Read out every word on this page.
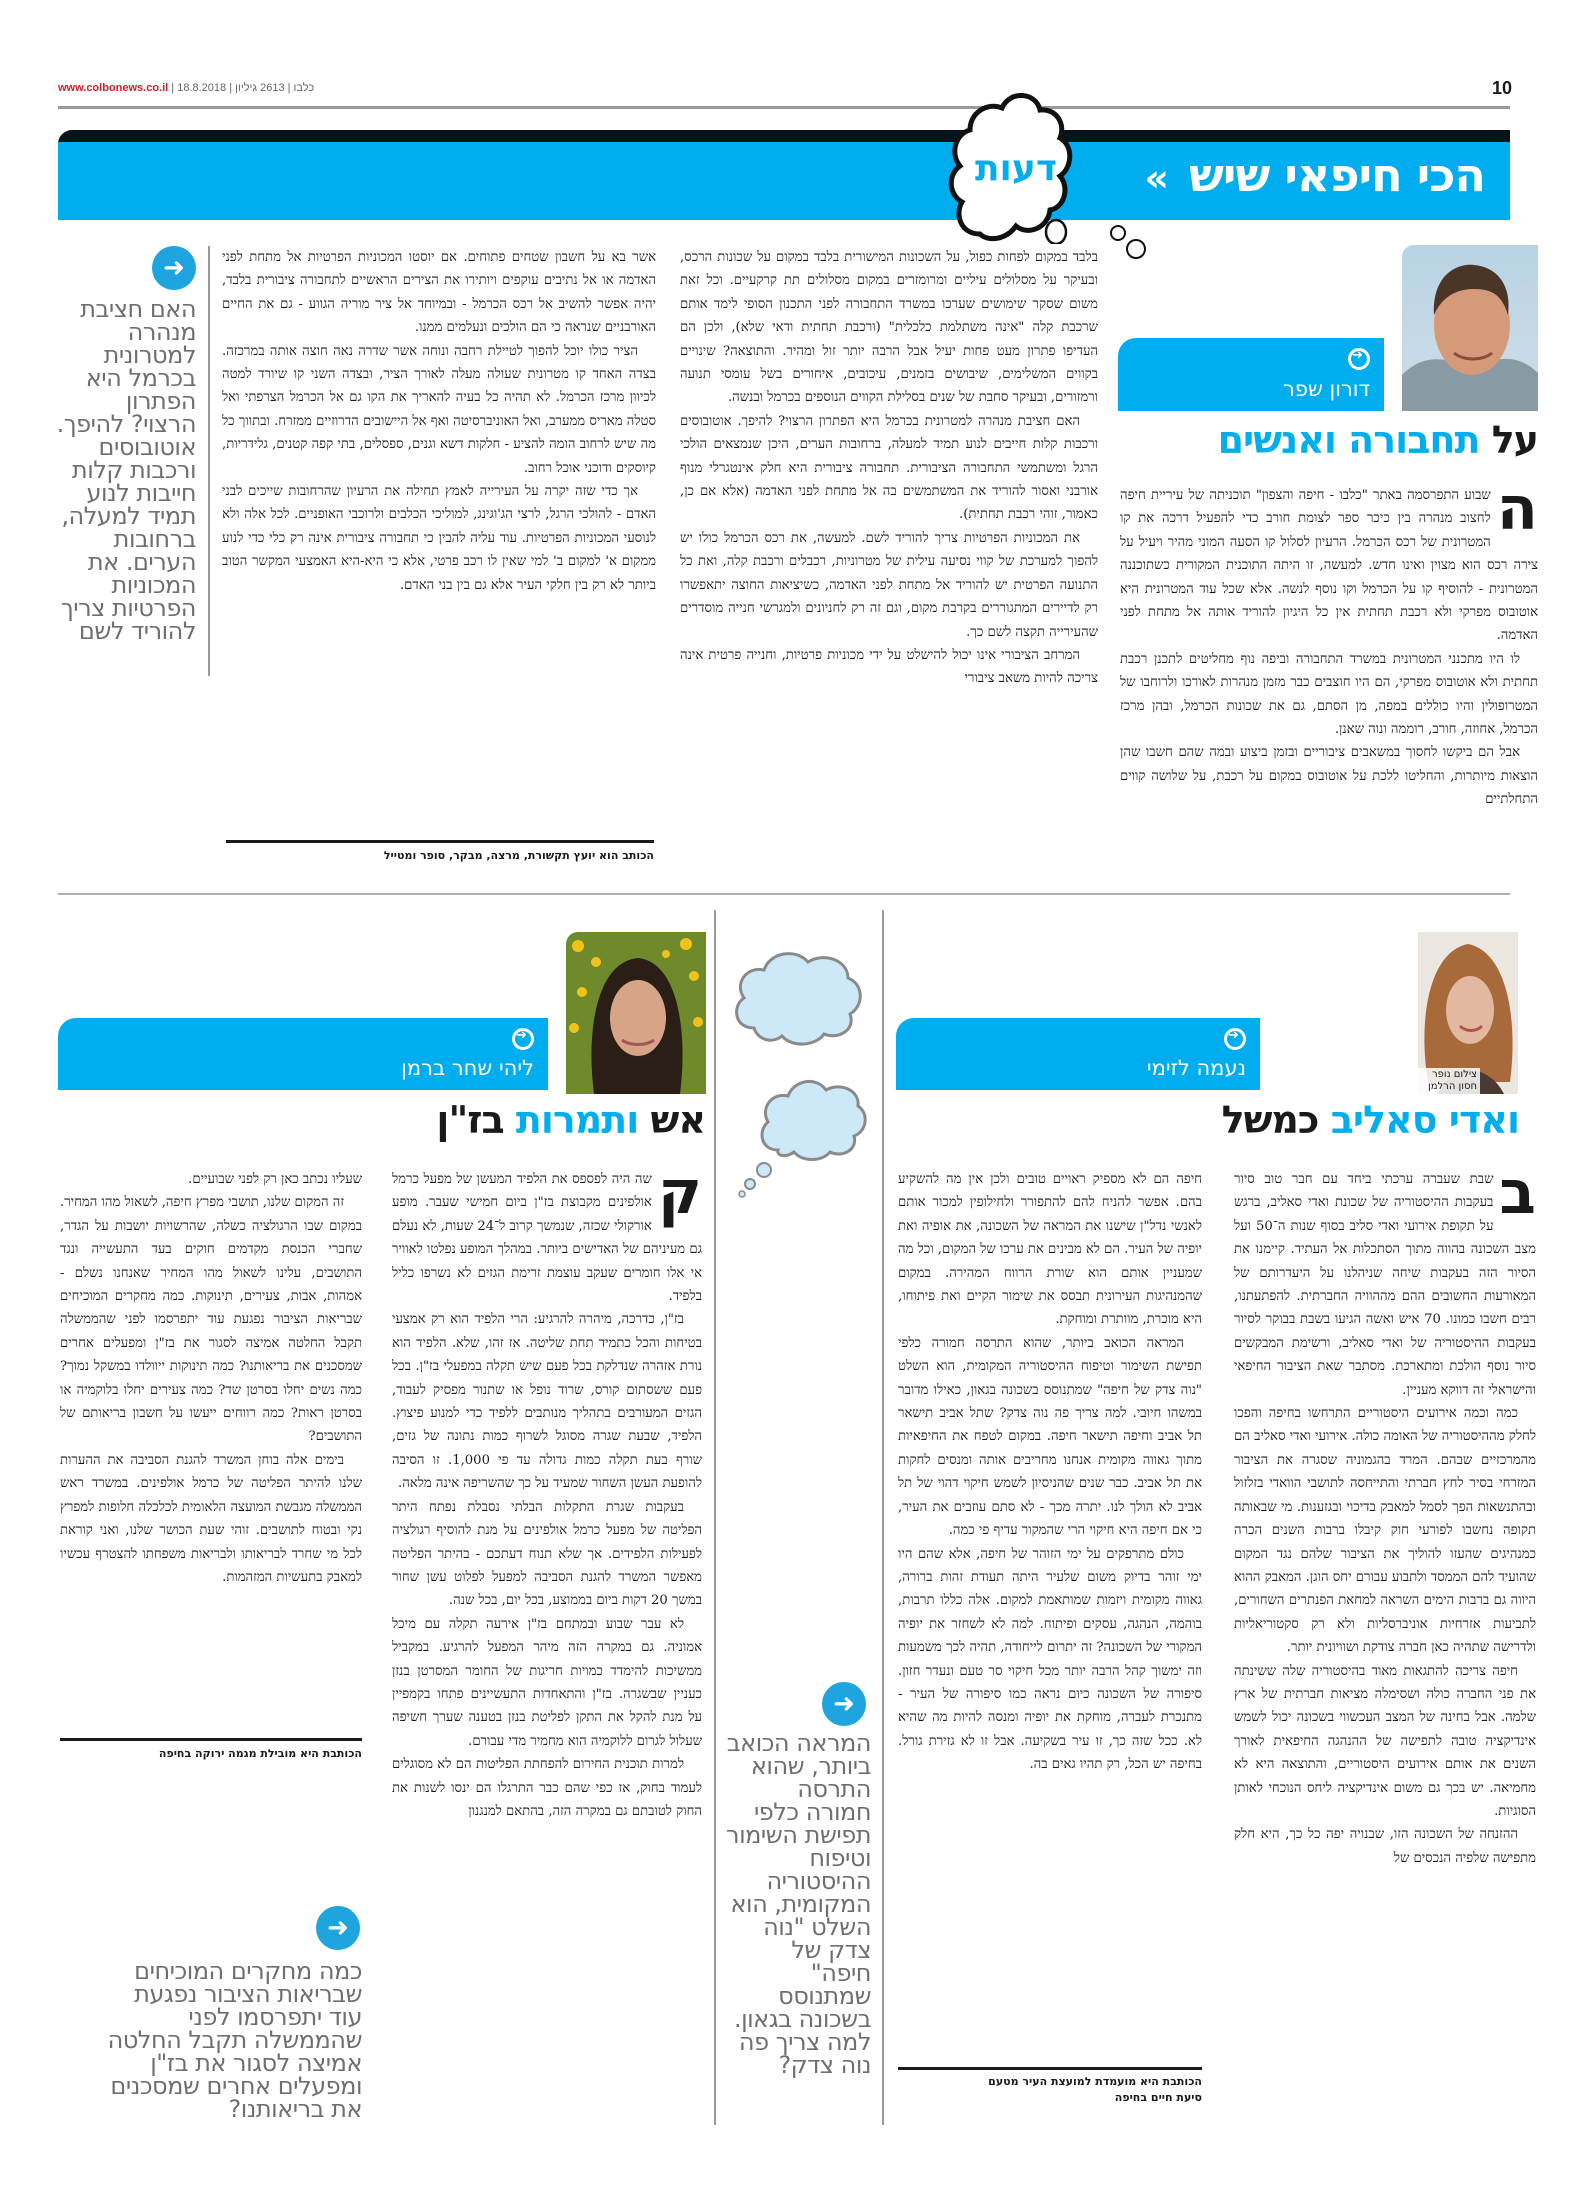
www.colbonews.co.il | כלבו | 2613 גיליון | 18.8.2018	10
הכי חיפאי שיש »
דעות
➜
דורון שפר
על תחבורה ואנשים
ה

שבוע התפרסמה באתר "כלבו - חיפה והצפון" תוכניתה של עיריית חיפה לחצוב מנהרה בין כיכר ספר לצומת חורב כדי להפעיל דרכה את קו המטרונית של רכס הכרמל. הרעיון לסלול קו הסעה המוני מהיר ויעיל על צירה רכס הוא מצוין ואינו חדש. למעשה, זו היתה התוכנית המקורית כשתוכננה המטרונית - להוסיף קו על הכרמל וקו נוסף לנשה. אלא שכל עוד המטרונית היא אוטובוס מפרקי ולא רכבת תחתית אין כל היגיון להוריד אותה אל מתחת לפני האדמה.

לו היו מתכנני המטרונית במשרד התחבורה וביפה נוף מחליטים לתכנן רכבת תחתית ולא אוטובוס מפרקי, הם היו חוצבים כבר מזמן מנהרות לאורכו ולרוחבו של המטרופולין והיו כוללים במפה, מן הסתם, גם את שכונות הכרמל, ובהן מרכז הכרמל, אחוזה, חורב, רוממה ונוה שאנן.

אבל הם ביקשו לחסוך במשאבים ציבוריים ובזמן ביצוע ובמה שהם חשבו שהן הוצאות מיותרות, והחליטו ללכת על אוטובוס במקום על רכבת, על שלושה קווים התחלתיים

בלבד במקום לפחות כפול, על השכונות המישורית בלבד במקום על שכונות הרכס, ובעיקר על מסלולים עיליים ומרומזרים במקום מסלולים תת קרקעיים. וכל זאת משום שסקר שימושים שערכו במשרד התחבורה לפני התכנון הסופי לימד אותם שרכבת קלה "אינה משתלמת כלכלית" (ורכבת תחתית ודאי שלא), ולכן הם העדיפו פתרון מעט פחות יעיל אבל הרבה יותר זול ומהיר. והתוצאה? שינויים בקווים המשלימים, שיבושים בזמנים, עיכובים, איחורים בשל עומסי תנועה ורמזורים, ובעיקר סחבת של שנים בסלילת הקווים הנוספים בכרמל ובנשה.

האם חציבת מנהרה למטרונית בכרמל היא הפתרון הרצוי? להיפך. אוטובוסים ורכבות קלות חייבים לנוע תמיד למעלה, ברחובות הערים, היכן שנמצאים הולכי הרגל ומשתמשי התחבורה הציבורית. תחבורה ציבורית היא חלק אינטגרלי מנוף אורבני ואסור להוריד את המשתמשים בה אל מתחת לפני האדמה (אלא אם כן, כאמור, זוהי רכבת תחתית).

את המכוניות הפרטיות צריך להוריד לשם. למעשה, את רכס הכרמל כולו יש להפוך למערכת של קווי נסיעה עילית של מטרוניות, רכבלים ורכבת קלה, ואת כל התנועה הפרטית יש להוריד אל מתחת לפני האדמה, כשיציאות החוצה יתאפשרו רק לדיירים המתגוררים בקרבת מקום, וגם זה רק לחניונים ולמגרשי חנייה מוסדרים שהעירייה תקצה לשם כך.

המרחב הציבורי אינו יכול להישלט על ידי מכוניות פרטיות, וחנייה פרטית אינה צריכה להיות משאב ציבורי

אשר בא על חשבון שטחים פתוחים. אם יוסטו המכוניות הפרטיות אל מתחת לפני האדמה או אל נתיבים עוקפים ויותירו את הצירים הראשיים לתחבורה ציבורית בלבד, יהיה אפשר להשיב אל רכס הכרמל - ובמיוחד אל ציר מוריה הגווע - גם את החיים האורבניים שנראה כי הם הולכים ונעלמים ממנו.

הציר כולו יוכל להפוך לטיילת רחבה ונוחה אשר שדרה נאה חוצה אותה במרכזה. בצדה האחד קו מטרונית שעולה מעלה לאורך הציר, ובצדה השני קו שיורד למטה לכיוון מרכז הכרמל. לא תהיה כל בעיה להאריך את הקו גם אל הכרמל הצרפתי ואל סטלה מאריס ממערב, ואל האוניברסיטה ואף אל היישובים הדרוזיים ממזרח. ובתווך כל מה שיש לרחוב הומה להציע - חלקות דשא וגנים, ספסלים, בתי קפה קטנים, גלידריות, קיוסקים ודוכני אוכל רחוב.

אך כדי שזה יקרה על העירייה לאמץ תחילה את הרעיון שהרחובות שייכים לבני האדם - להולכי הרגל, לרצי הג'וגינג, למוליכי הכלבים ולרוכבי האופניים. לכל אלה ולא לנוסעי המכוניות הפרטיות. עוד עליה להבין כי תחבורה ציבורית אינה רק כלי כדי לנוע ממקום א' למקום ב' למי שאין לו רכב פרטי, אלא כי היא-היא האמצעי המקשר הטוב ביותר לא רק בין חלקי העיר אלא גם בין בני האדם.

הכותב הוא יועץ תקשורת, מרצה, מבקר, סופר ומטייל
➜
האם חציבת מנהרה למטרונית בכרמל היא הפתרון הרצוי? להיפך. אוטובוסים ורכבות קלות חייבות לנוע תמיד למעלה, ברחובות הערים. את המכוניות הפרטיות צריך להוריד לשם
צילום נופר
חסון הרלמן
➜
נעמה לזימי
ואדי סאליב כמשל
ב

שבת שעברה ערכתי ביחד עם חבר טוב סיור בעקבות ההיסטוריה של שכונת ואדי סאליב, ברגש על תקופת אירועי ואדי סליב בסוף שנות ה־50 ועל מצב השכונה בהווה מתוך הסתכלות אל העתיד. קיימנו את הסיור הזה בעקבות שיחה שניהלנו על היעדרותם של המאורעות החשובים ההם מההוויה החברתית. להפתעתנו, רבים חשבו כמונו. 70 איש ואשה הגיעו בשבת בבוקר לסיור בעקבות ההיסטוריה של ואדי סאליב, ורשימת המבקשים סיור נוסף הולכת ומתארכת. מסתבר שאת הציבור החיפאי והישראלי זה דווקא מעניין.

כמה וכמה אירועים היסטוריים התרחשו בחיפה והפכו לחלק מההיסטוריה של האומה כולה. אירועי ואדי סאליב הם מהמרכזיים שבהם. המרד בהגמוניה שסגרה את הציבור המזרחי בסיר לחץ חברתי והתייחסה לתושבי הוואדי בזלזול ובהתנשאות הפך לסמל למאבק בדיכוי ובגזענות. מי שבאותה תקופה נחשבו לפורעי חוק קיבלו ברבות השנים הכרה כמנהיגים שהעזו להוליך את הציבור שלהם נגד המקום שהועיד להם הממסד ולתבוע עבורם יחס הוגן. המאבק ההוא היווה גם ברבות הימים השראה למחאת הפנתרים השחורים, לתביעות אזרחיות אוניברסליות ולא רק סקטוריאליות ולדרישה שתהיה כאן חברה צודקת ושוויונית יותר.

חיפה צריכה להתגאות מאוד בהיסטוריה שלה ששינתה את פני החברה כולה ושסימלה מציאות חברתית של ארץ שלמה. אבל בחינה של המצב העכשווי בשכונה יכול לשמש אינדיקציה טובה לתפישה של ההנהגה החיפאית לאורך השנים את אותם אירועים היסטוריים, והתוצאה היא לא מחמיאה. יש בכך גם משום אינדיקציה ליחס הנוכחי לאותן הסוגיות.

ההזנחה של השכונה הזו, שבנויה יפה כל כך, היא חלק מתפישה שלפיה הנכסים של

חיפה הם לא מספיק ראויים טובים ולכן אין מה להשקיע בהם. אפשר להניח להם להתפורר ולחילופין למכור אותם לאנשי נדל"ן שישנו את המראה של השכונה, את אופיה ואת יופיה של העיר. הם לא מבינים את ערכו של המקום, וכל מה שמעניין אותם הוא שורת הרווח המהירה. במקום שהמנהיגות העירונית תבסס את שימור הקיים ואת פיתוחו, היא מוכרת, מוותרת ומוחקת.

המראה הכואב ביותר, שהוא התרסה חמורה כלפי תפישת השימור וטיפוח ההיסטוריה המקומית, הוא השלט "נוה צדק של חיפה" שמתנוסס בשכונה בגאון, כאילו מדובר במשהו חיובי. למה צריך פה נוה צדק? שתל אביב תישאר תל אביב וחיפה תישאר חיפה. במקום לטפח את החיפאיות מתוך גאווה מקומית אנחנו מחריבים אותה ומנסים לחקות את תל אביב. כבר שנים שהניסיון לשמש חיקוי דהוי של תל אביב לא הולך לנו. יתרה מכך - לא סתם עוזבים את העיר, כי אם חיפה היא חיקוי הרי שהמקור עדיף פי כמה.

כולם מתרפקים על ימי הזוהר של חיפה, אלא שהם היו ימי זוהר בדיוק משום שלעיר היתה תעודת זהות ברורה, גאווה מקומית ויזמות שמותאמת למקום. אלה כללו תרבות, בוהמה, הנהגה, עסקים ופיתוח. למה לא לשחזר את יופיה המקורי של השכונה? זה יתרום לייחודה, תהיה לכך משמעות וזה ימשוך קהל הרבה יותר מכל חיקוי סר טעם ונעדר חזון. סיפורה של השכונה כיום נראה כמו סיפורה של העיר - מתנכרת לעברה, מוחקת את יופיה ומנסה להיות מה שהיא לא. ככל שזה כך, זו עיר בשקיעה. אבל זו לא גזירת גורל. בחיפה יש הכל, רק תהיו גאים בה.

הכותבת היא מועמדת למועצת העיר מטעם
סיעת חיים בחיפה
➜
המראה הכואב ביותר, שהוא התרסה חמורה כלפי תפישת השימור וטיפוח ההיסטוריה המקומית, הוא השלט "נוה צדק של חיפה" שמתנוסס בשכונה בגאון. למה צריך פה נוה צדק?
➜
ליהי שחר ברמן
אש ותמרות בז"ן
ק

שה היה לפספס את הלפיד המעשן של מפעל כרמל אולפינים מקבוצת בז"ן ביום חמישי שעבר. מופע אורקולי שכזה, שנמשך קרוב ל־24 שעות, לא נעלם גם מעיניהם של האדישים ביותר. במהלך המופע נפלטו לאוויר אי אלו חומרים שעקב עוצמת זרימת הגזים לא נשרפו כליל בלפיד.

בז"ן, כדרכה, מיהרה להרגיע: הרי הלפיד הוא רק אמצעי בטיחות והכל כתמיד תחת שליטה. אז זהו, שלא. הלפיד הוא נורת אזהרה שנדלקת בכל פעם שיש תקלה במפעלי בז"ן. בכל פעם ששסתום קורס, שרוד נופל או שתנור מפסיק לעבוד, הגזים המעורבים בתהליך מנותבים ללפיד כדי למנוע פיצוץ. הלפיד, שבעת שגרה מסוגל לשרוף כמות נתונה של גזים, שורף בעת תקלה כמות גדולה עד פי 1,000. זו הסיבה להופעת העשן השחור שמעיד על כך שהשריפה אינה מלאה.

בעקבות שגרת התקלות הבלתי נסבלת נפתח היתר הפליטה של מפעל כרמל אולפינים על מנת להוסיף רגולציה לפעילות הלפידים. אך שלא תנוח דעתכם - בהיתר הפליטה מאפשר המשרד להגנת הסביבה למפעל לפלוט עשן שחור במשך 20 דקות ביום בממוצע, בכל יום, בכל שנה.

לא עבר שבוע ובמתחם בז"ן אירעה תקלה עם מיכל אמוניה. גם במקרה הזה מיהר המפעל להרגיע. במקביל ממשיכות להימדד כמויות חריגות של החומר המסרטן בנזן כעניין שבשגרה. בז"ן והתאחדות התעשיינים פתחו בקמפיין על מנת להקל את התקן לפליטת בנזן בטענה שערך חשיפה שעלול לגרום ללוקמיה הוא מחמיר מדי עבורם.

למרות תוכנית החירום להפחתת הפליטות הם לא מסוגלים לעמוד בחוק, אז כפי שהם כבר התרגלו הם ינסו לשנות את החוק לטובתם גם במקרה הזה, בהתאם למנגנון

שעליו נכתב כאן רק לפני שבועיים.

זה המקום שלנו, תושבי מפרץ חיפה, לשאול מהו המחיר. במקום שבו הרגולציה כשלה, שהרשויות יושבות על הגדר, שחברי הכנסת מקדמים חוקים בעד התעשייה ונגד התושבים, עלינו לשאול מהו המחיר שאנחנו נשלם - אמהות, אבות, צעירים, תינוקות. כמה מחקרים המוכיחים שבריאות הציבור נפגעת עוד יתפרסמו לפני שהממשלה תקבל החלטה אמיצה לסגור את בז"ן ומפעלים אחרים שמסכנים את בריאותנו? כמה תינוקות ייוולדו במשקל נמוך? כמה נשים יחלו בסרטן שד? כמה צעירים יחלו בלוקמיה או בסרטן ראות? כמה רווחים ייעשו על חשבון בריאותם של התושבים?

בימים אלה בוחן המשרד להגנת הסביבה את ההערות שלנו להיתר הפליטה של כרמל אולפינים. במשרד ראש הממשלה מגבשת המועצה הלאומית לכלכלה חלופות למפרץ נקי ובטוח לתושבים. זוהי שעת הכושר שלנו, ואני קוראת לכל מי שחרד לבריאותו ולבריאות משפחתו להצטרף עכשיו למאבק בתעשיות המזהמות.

הכותבת היא מובילת מגמה ירוקה בחיפה
➜
כמה מחקרים המוכיחים שבריאות הציבור נפגעת עוד יתפרסמו לפני שהממשלה תקבל החלטה אמיצה לסגור את בז"ן ומפעלים אחרים שמסכנים את בריאותנו?
